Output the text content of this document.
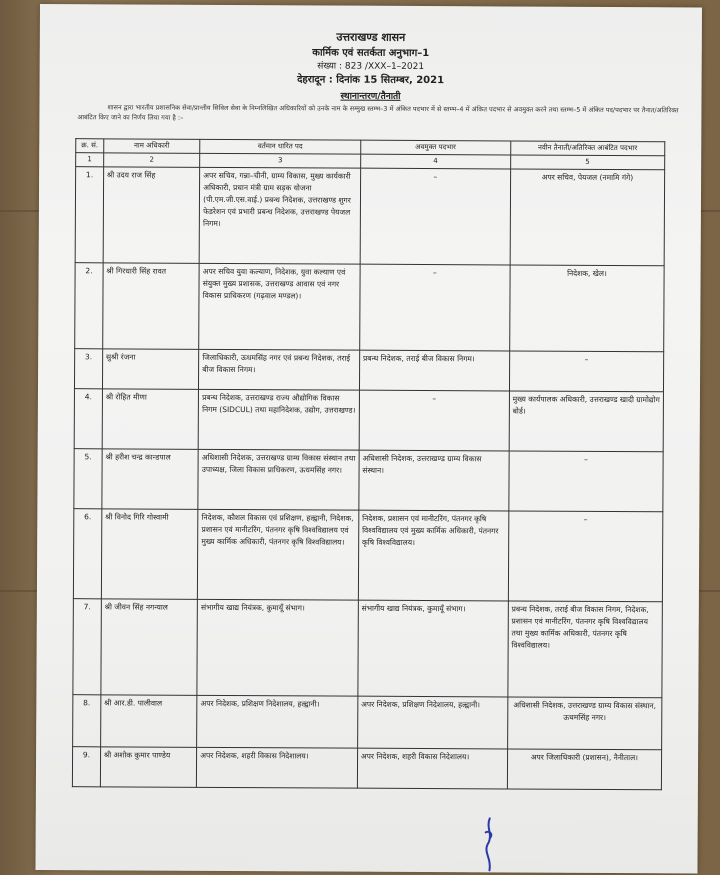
उत्तराखण्ड शासन
कार्मिक एवं सतर्कता अनुभाग–1
संख्या : 823 /XXX–1–2021
देहरादून : दिनांक 15 सितम्बर, 2021
स्थानान्तरण/तैनाती
शासन द्वारा भारतीय प्रशासनिक सेवा/प्रान्तीय सिविल सेवा के निम्नलिखित अधिकारियों को उनके नाम के सम्मुख स्तम्भ–3 में अंकित पदभार में से स्तम्भ–4 में अंकित पदभार से अवमुक्त करने तथा स्तम्भ–5 में अंकित पद/पदभार पर तैनात/अतिरिक्त आबंटित किए जाने का निर्णय लिया गया है :–
क्र. सं.	नाम अधिकारी	वर्तमान धारित पद	अवमुक्त पदभार	नवीन तैनाती/अतिरिक्त आबंटित पदभार
1	2	3	4	5
1.	श्री उदय राज सिंह	अपर सचिव, गन्ना–चीनी, ग्राम्य विकास, मुख्य कार्यकारी अधिकारी, प्रधान मंत्री ग्राम सड़क योजना (पी.एम.जी.एस.वाई.) प्रबन्ध निदेशक, उत्तराखण्ड शुगर फेडरेशन एवं प्रभारी प्रबन्ध निदेशक, उत्तराखण्ड पेयजल निगम।	–	अपर सचिव, पेयजल (नमामि गंगे)
2.	श्री गिरधारी सिंह रावत	अपर सचिव युवा कल्याण, निदेशक, युवा कल्याण एवं संयुक्त मुख्य प्रशासक, उत्तराखण्ड आवास एवं नगर विकास प्राधिकरण (गढ़वाल मण्डल)।	–	निदेशक, खेल।
3.	सुश्री रंजना	जिलाधिकारी, ऊधमसिंह नगर एवं प्रबन्ध निदेशक, तराई बीज विकास निगम।	प्रबन्ध निदेशक, तराई बीज विकास निगम।	–
4.	श्री रोहित मीणा	प्रबन्ध निदेशक, उत्तराखण्ड राज्य औद्योगिक विकास निगम (SIDCUL) तथा महानिदेशक, उद्योग, उत्तराखण्ड।	–	मुख्य कार्यपालक अधिकारी, उत्तराखण्ड खादी ग्रामोद्योग बोर्ड।
5.	श्री हरीश चन्द्र कान्डपाल	अधिशासी निदेशक, उत्तराखण्ड ग्राम्य विकास संस्थान तथा उपाध्यक्ष, जिला विकास प्राधिकरण, ऊधमसिंह नगर।	अधिशासी निदेशक, उत्तराखण्ड ग्राम्य विकास संस्थान।	–
6.	श्री विनोद गिरि गोस्वामी	निदेशक, कौशल विकास एवं प्रशिक्षण, हल्द्वानी, निदेशक, प्रशासन एवं मानीटरिंग, पंतनगर कृषि विश्वविद्यालय एवं मुख्य कार्मिक अधिकारी, पंतनगर कृषि विश्वविद्यालय।	निदेशक, प्रशासन एवं मानीटरिंग, पंतनगर कृषि विश्वविद्यालय एवं मुख्य कार्मिक अधिकारी, पंतनगर कृषि विश्वविद्यालय।	–
7.	श्री जीवन सिंह नगन्याल	संभागीय खाद्य नियंत्रक, कुमायूँ संभाग।	संभागीय खाद्य नियंत्रक, कुमायूँ संभाग।	प्रबन्ध निदेशक, तराई बीज विकास निगम, निदेशक, प्रशासन एवं मानीटरिंग, पंतनगर कृषि विश्वविद्यालय तथा मुख्य कार्मिक अधिकारी, पंतनगर कृषि विश्वविद्यालय।
8.	श्री आर.डी. पालीवाल	अपर निदेशक, प्रशिक्षण निदेशालय, हल्द्वानी।	अपर निदेशक, प्रशिक्षण निदेशालय, हल्द्वानी।	अधिशासी निदेशक, उत्तराखण्ड ग्राम्य विकास संस्थान, ऊधमसिंह नगर।
9.	श्री अशोक कुमार पाण्डेय	अपर निदेशक, शहरी विकास निदेशालय।	अपर निदेशक, शहरी विकास निदेशालय।	अपर जिलाधिकारी (प्रशासन), नैनीताल।
